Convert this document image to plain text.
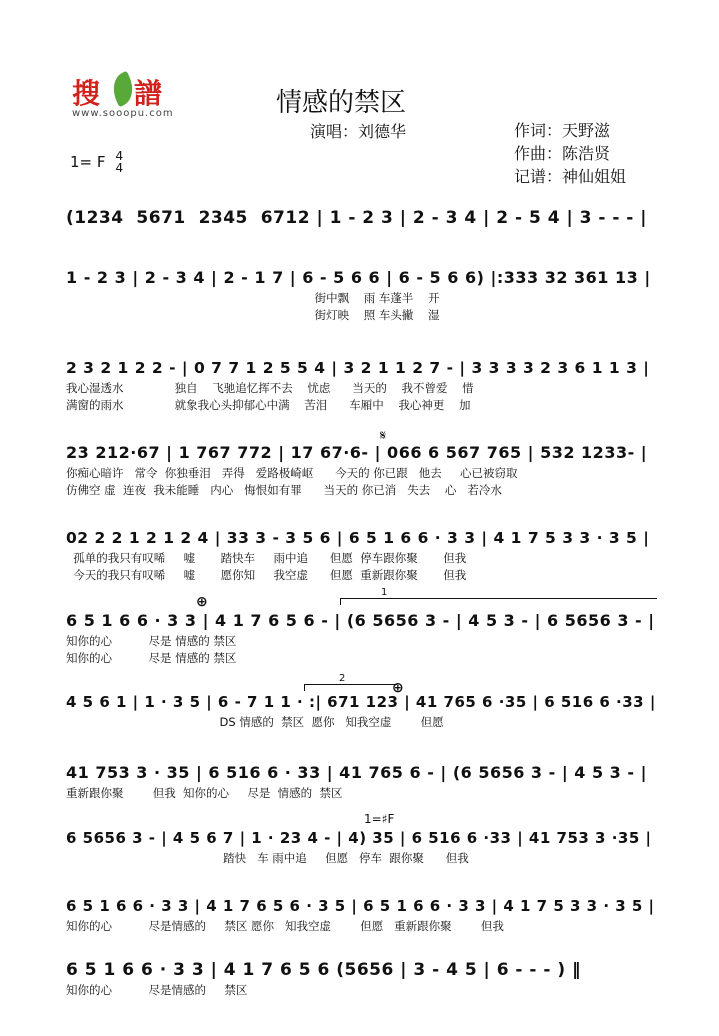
搜 譜
www.sooopu.com	情感的禁区
演唱：刘德华	作词：天野滋
作曲：陈浩贤
记谱：神仙姐姐
1= F 4
4
(1234  5671  2345  6712 | 1 - 2 3 | 2 - 3 4 | 2 - 5 4 | 3 - - - |
1 - 2 3 | 2 - 3 4 | 2 - 1 7 | 6 - 5 6 6 | 6 - 5 6 6) |:333 32 361 13 |
街中飘    雨 车蓬半    开
街灯映    照 车头撇    湿
2 3 2 1 2 2 - | 0 7 7 1 2 5 5 4 | 3 2 1 1 2 7 - | 3 3 3 3 2 3 6 1 1 3 |
我心湿透水              独自    飞驰追忆挥不去    忧虑      当天的    我不曾爱    惜
满窗的雨水              就象我心头抑郁心中满    苦泪      车厢中    我心神更    加
23 212·67 | 1 767 772 | 17 67·6- | 066 6 567 765 | 532 1233- |
你痴心暗许   常令  你独垂泪   弄得   爱路极崎岖      今天的 你已跟   他去     心已被窃取
仿佛空 虚  连夜  我未能睡   内心   悔恨如有罪      当天的 你已消   失去    心   若冷水
02 2 2 1 2 1 2 4 | 33 3 - 3 5 6 | 6 5 1 6 6 · 3 3 | 4 1 7 5 3 3 · 3 5 |
孤单的我只有叹唏     嘘       踏快车     雨中追      但愿  停车跟你聚       但我
今天的我只有叹唏     嘘       愿你知     我空虚      但愿  重新跟你聚       但我
6 5 1 6 6 · 3 3 | 4 1 7 6 5 6 - | (6 5656 3 - | 4 5 3 - | 6 5656 3 - |
知你的心          尽是 情感的 禁区
知你的心          尽是 情感的 禁区
4 5 6 1 | 1 · 3 5 | 6 - 7 1 1 · :| 671 123 | 41 765 6 ·35 | 6 516 6 ·33 |
DS 情感的  禁区  愿你   知我空虚        但愿
41 753 3 · 35 | 6 516 6 · 33 | 41 765 6 - | (6 5656 3 - | 4 5 3 - |
重新跟你聚        但我  知你的心     尽是  情感的  禁区
6 5656 3 - | 4 5 6 7 | 1 · 23 4 - | 4) 35 | 6 516 6 ·33 | 41 753 3 ·35 |
踏快   车 雨中追     但愿   停车  跟你聚      但我
6 5 1 6 6 · 3 3 | 4 1 7 6 5 6 · 3 5 | 6 5 1 6 6 · 3 3 | 4 1 7 5 3 3 · 3 5 |
知你的心          尽是情感的     禁区 愿你   知我空虚        但愿   重新跟你聚        但我
6 5 1 6 6 · 3 3 | 4 1 7 6 5 6 (5656 | 3 - 4 5 | 6 - - - ) ‖
知你的心          尽是情感的     禁区
1
2
⊕
⊕
𝄋
1=♯F
